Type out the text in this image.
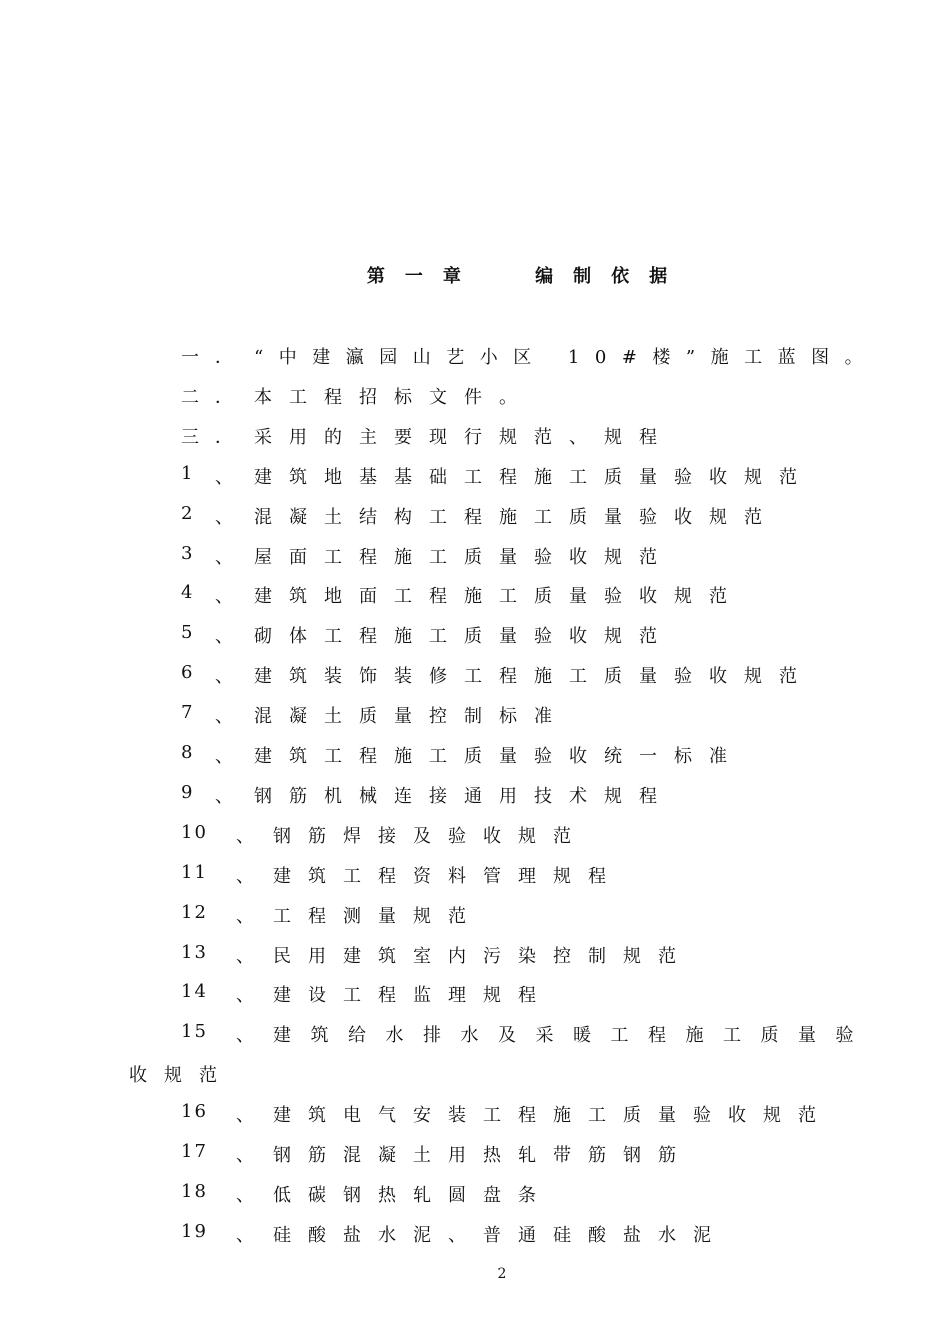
第一章 编制依据
一 ． “中建瀛园山艺小区 10#楼”施工蓝图。
二 ． 本工程招标文件。
三 ． 采用的主要现行规范、规程
1 、 建筑地基基础工程施工质量验收规范
2 、 混凝土结构工程施工质量验收规范
3 、 屋面工程施工质量验收规范
4 、 建筑地面工程施工质量验收规范
5 、 砌体工程施工质量验收规范
6 、 建筑装饰装修工程施工质量验收规范
7 、 混凝土质量控制标准
8 、 建筑工程施工质量验收统一标准
9 、 钢筋机械连接通用技术规程
10 、 钢筋焊接及验收规范
11 、 建筑工程资料管理规程
12 、 工程测量规范
13 、 民用建筑室内污染控制规范
14 、 建设工程监理规程
15 、 建筑给水排水及采暖工程施工质量验
收规范
16 、 建筑电气安装工程施工质量验收规范
17 、 钢筋混凝土用热轧带筋钢筋
18 、 低碳钢热轧圆盘条
19 、 硅酸盐水泥、普通硅酸盐水泥
2
